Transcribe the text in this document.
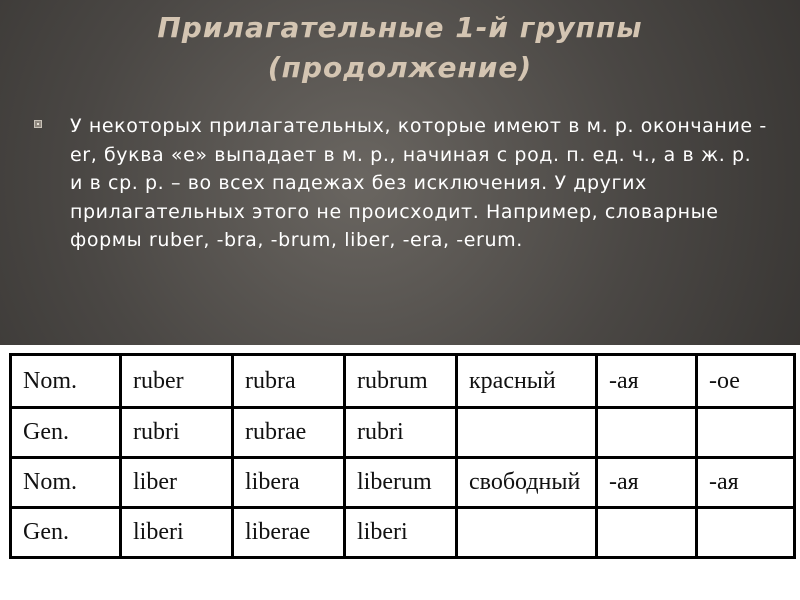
Прилагательные 1-й группы
(продолжение)
У некоторых прилагательных, которые имеют в м. р. окончание -er, буква «е» выпадает в м. р., начиная с род. п. ед. ч., а в ж. р. и в ср. р. – во всех падежах без исключения. У других прилагательных этого не происходит. Например, словарные формы ruber, -bra, -brum, liber, -era, -erum.
Nom.	ruber	rubra	rubrum	красный	-ая	-ое
Gen.	rubri	rubrae	rubri			
Nom.	liber	libera	liberum	свободный	-ая	-ая
Gen.	liberi	liberae	liberi			
